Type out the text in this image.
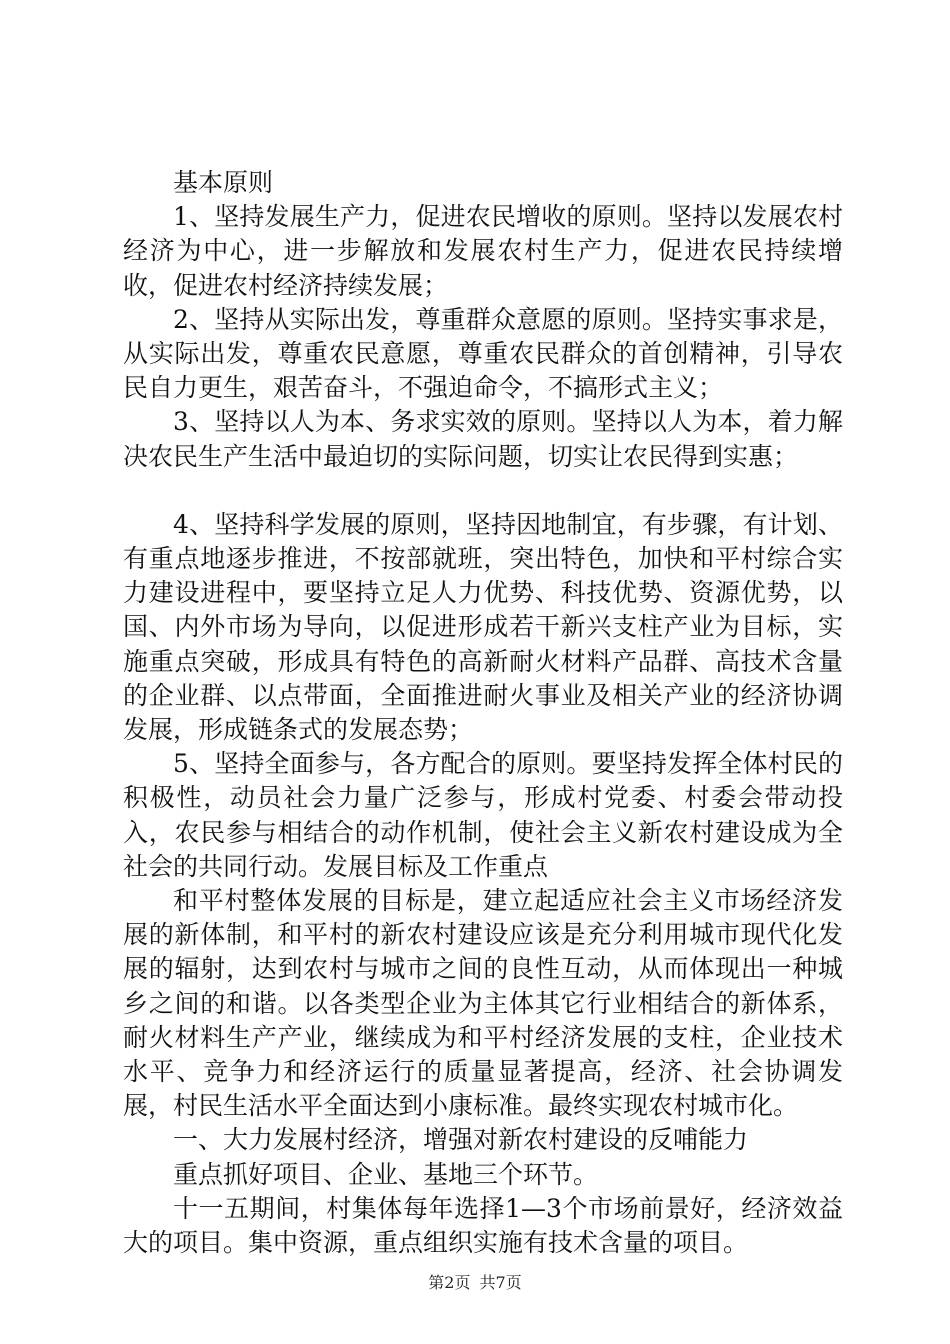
基本原则

1、坚持发展生产力，促进农民增收的原则。坚持以发展农村经济为中心，进一步解放和发展农村生产力，促进农民持续增收，促进农村经济持续发展；

2、坚持从实际出发，尊重群众意愿的原则。坚持实事求是，从实际出发，尊重农民意愿，尊重农民群众的首创精神，引导农民自力更生，艰苦奋斗，不强迫命令，不搞形式主义；

3、坚持以人为本、务求实效的原则。坚持以人为本，着力解决农民生产生活中最迫切的实际问题，切实让农民得到实惠；

4、坚持科学发展的原则，坚持因地制宜，有步骤，有计划、有重点地逐步推进，不按部就班，突出特色，加快和平村综合实力建设进程中，要坚持立足人力优势、科技优势、资源优势，以国、内外市场为导向，以促进形成若干新兴支柱产业为目标，实施重点突破，形成具有特色的高新耐火材料产品群、高技术含量的企业群、以点带面，全面推进耐火事业及相关产业的经济协调发展，形成链条式的发展态势；

5、坚持全面参与，各方配合的原则。要坚持发挥全体村民的积极性，动员社会力量广泛参与，形成村党委、村委会带动投入，农民参与相结合的动作机制，使社会主义新农村建设成为全社会的共同行动。发展目标及工作重点

和平村整体发展的目标是，建立起适应社会主义市场经济发展的新体制，和平村的新农村建设应该是充分利用城市现代化发展的辐射，达到农村与城市之间的良性互动，从而体现出一种城乡之间的和谐。以各类型企业为主体其它行业相结合的新体系，耐火材料生产产业，继续成为和平村经济发展的支柱，企业技术水平、竞争力和经济运行的质量显著提高，经济、社会协调发展，村民生活水平全面达到小康标准。最终实现农村城市化。

一、大力发展村经济，增强对新农村建设的反哺能力

重点抓好项目、企业、基地三个环节。

十一五期间，村集体每年选择1—3个市场前景好，经济效益大的项目。集中资源，重点组织实施有技术含量的项目。

第2页 共7页
